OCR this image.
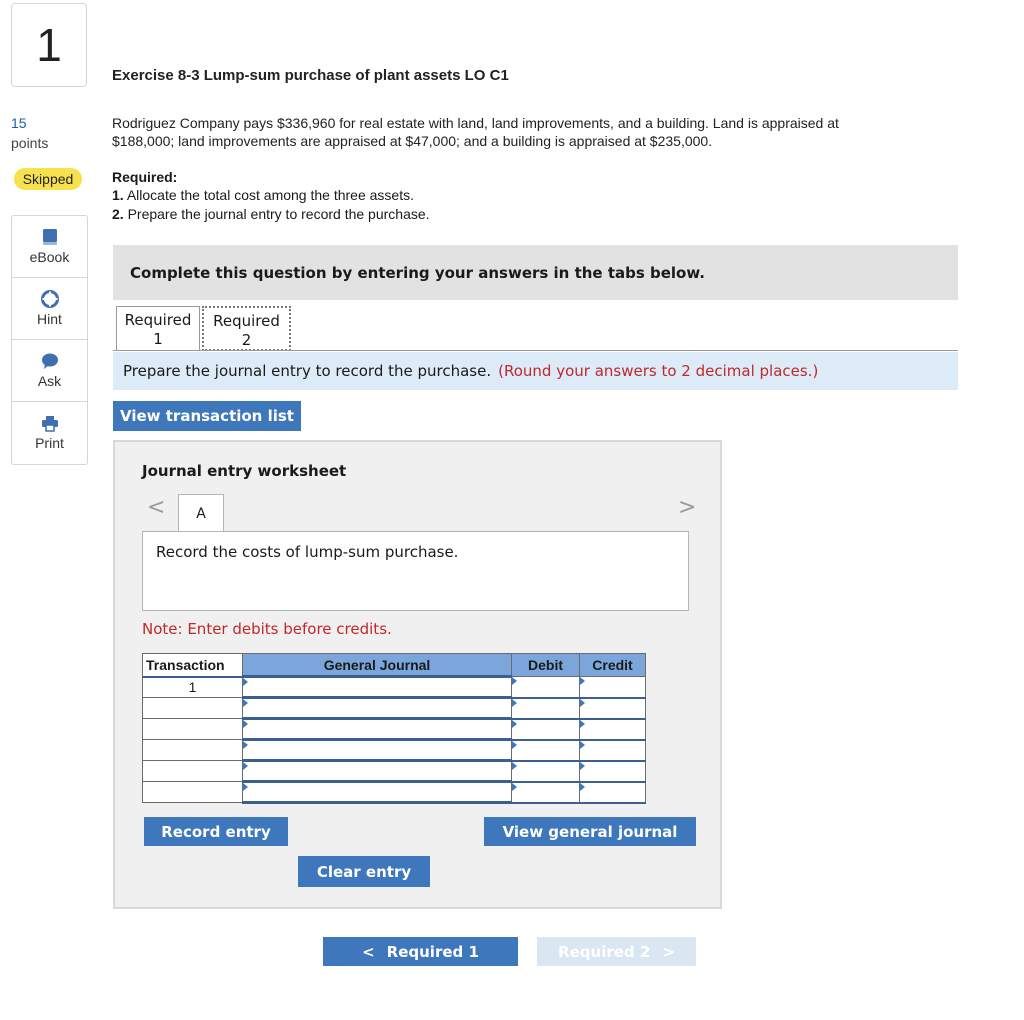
1
15
points
Skipped
eBook
Hint
Ask
Print
Exercise 8-3 Lump-sum purchase of plant assets LO C1
Rodriguez Company pays $336,960 for real estate with land, land improvements, and a building. Land is appraised at
$188,000; land improvements are appraised at $47,000; and a building is appraised at $235,000.
Required:
1. Allocate the total cost among the three assets.
2. Prepare the journal entry to record the purchase.
Complete this question by entering your answers in the tabs below.
Required
1
Required
2
Prepare the journal entry to record the purchase. (Round your answers to 2 decimal places.)
View transaction list
Journal entry worksheet
<	A	>
Record the costs of lump-sum purchase.
Note: Enter debits before credits.
Transaction	General Journal	Debit	Credit
1			

Record entry
Clear entry
View general journal
< Required 1	Required 2 >
